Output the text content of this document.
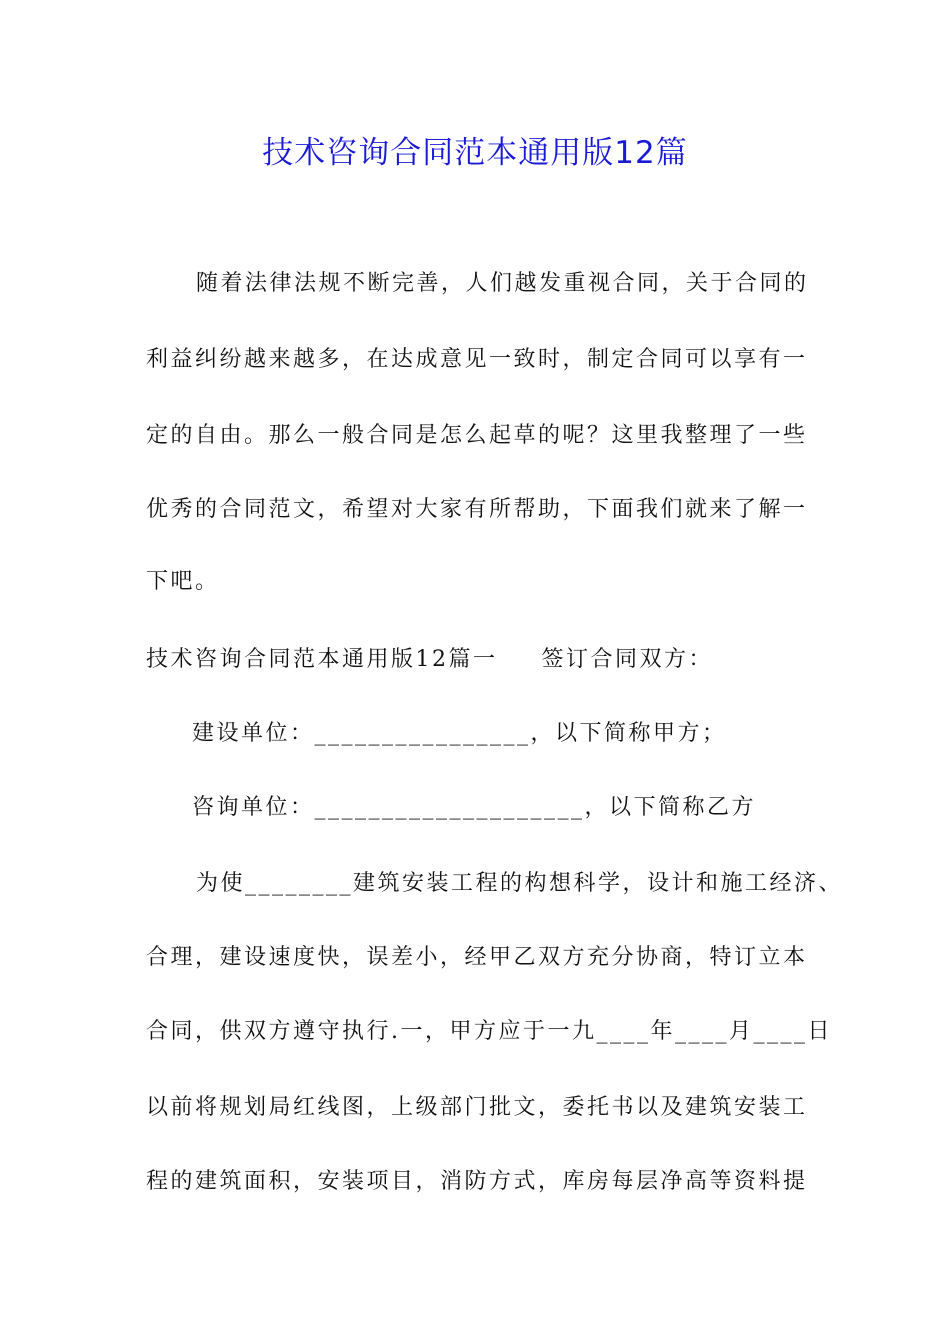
技术咨询合同范本通用版12篇
随着法律法规不断完善，人们越发重视合同，关于合同的
利益纠纷越来越多，在达成意见一致时，制定合同可以享有一
定的自由。那么一般合同是怎么起草的呢？这里我整理了一些
优秀的合同范文，希望对大家有所帮助，下面我们就来了解一
下吧。
技术咨询合同范本通用版12篇一 签订合同双方：
建设单位：________________，以下简称甲方；
咨询单位：____________________，以下简称乙方
为使________建筑安装工程的构想科学，设计和施工经济、
合理，建设速度快，误差小，经甲乙双方充分协商，特订立本
合同，供双方遵守执行.一，甲方应于一九____年____月____日
以前将规划局红线图，上级部门批文，委托书以及建筑安装工
程的建筑面积，安装项目，消防方式，库房每层净高等资料提
